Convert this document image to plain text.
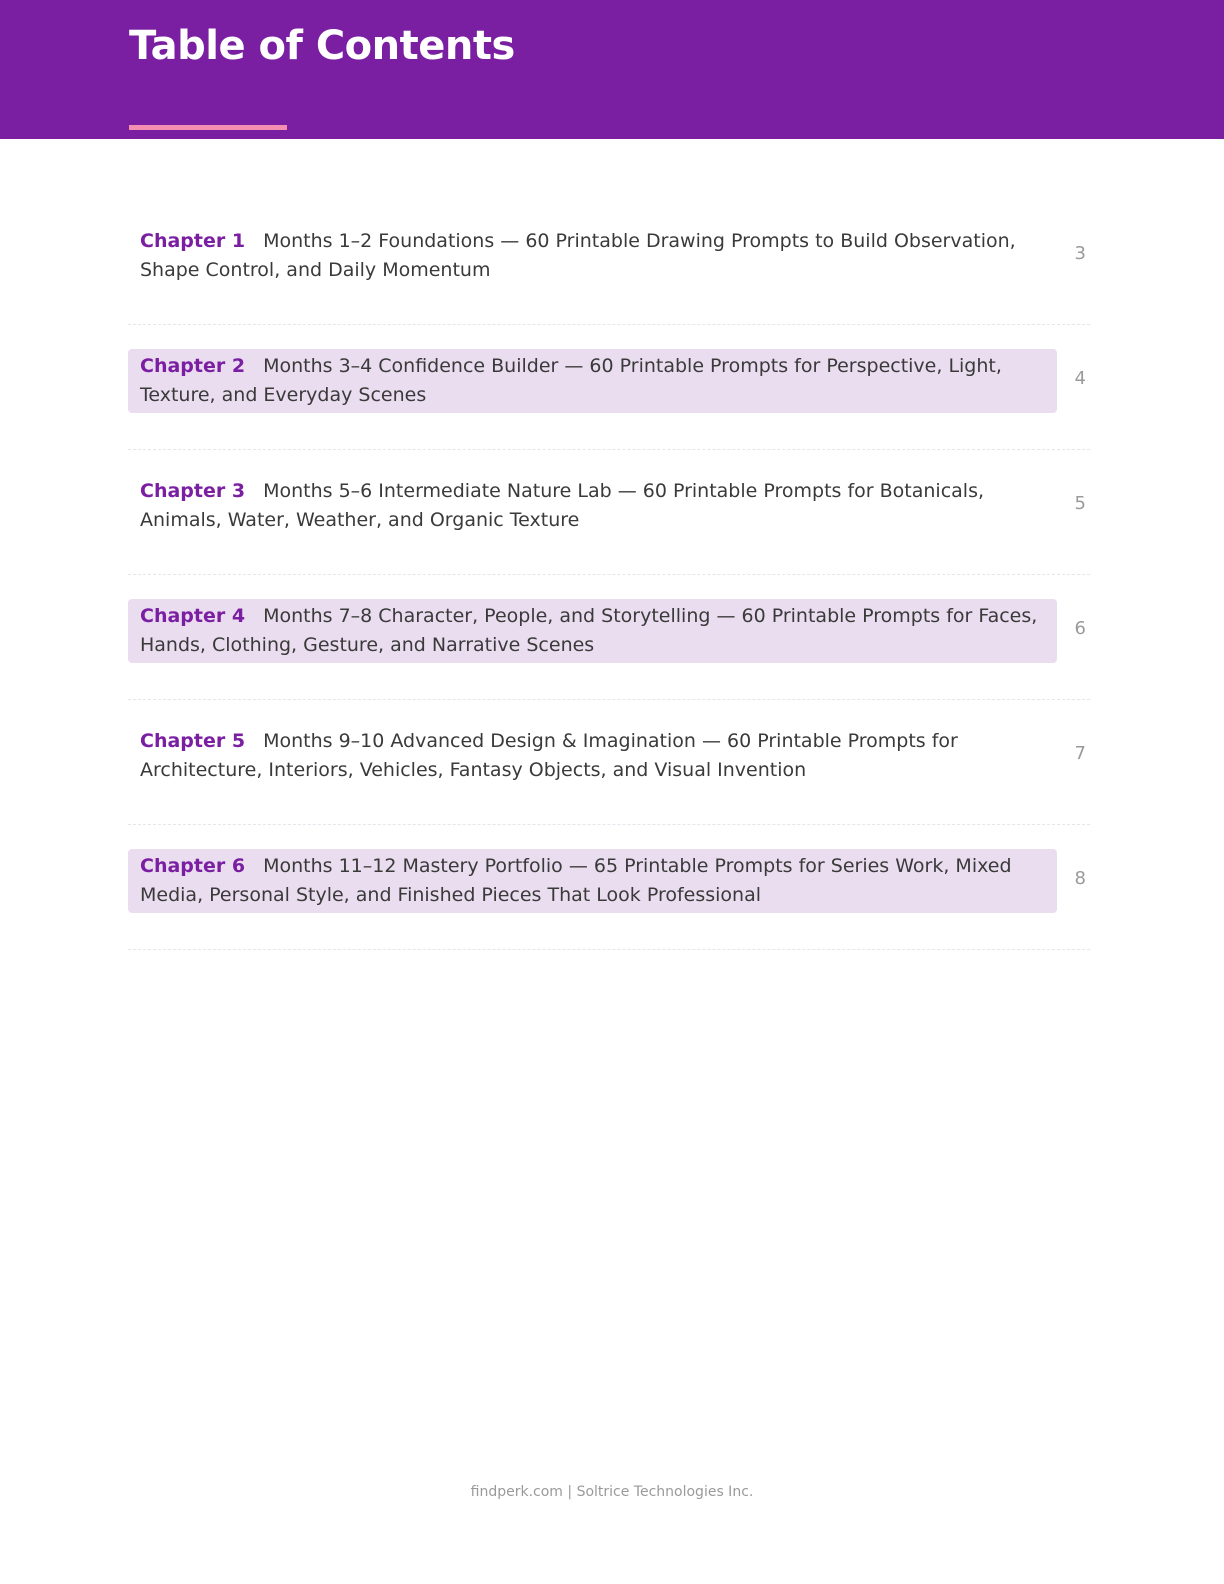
Table of Contents
Chapter 1 Months 1–2 Foundations — 60 Printable Drawing Prompts to Build Observation, Shape Control, and Daily Momentum
3
Chapter 2 Months 3–4 Confidence Builder — 60 Printable Prompts for Perspective, Light, Texture, and Everyday Scenes
4
Chapter 3 Months 5–6 Intermediate Nature Lab — 60 Printable Prompts for Botanicals, Animals, Water, Weather, and Organic Texture
5
Chapter 4 Months 7–8 Character, People, and Storytelling — 60 Printable Prompts for Faces, Hands, Clothing, Gesture, and Narrative Scenes
6
Chapter 5 Months 9–10 Advanced Design & Imagination — 60 Printable Prompts for Architecture, Interiors, Vehicles, Fantasy Objects, and Visual Invention
7
Chapter 6 Months 11–12 Mastery Portfolio — 65 Printable Prompts for Series Work, Mixed Media, Personal Style, and Finished Pieces That Look Professional
8
findperk.com | Soltrice Technologies Inc.
